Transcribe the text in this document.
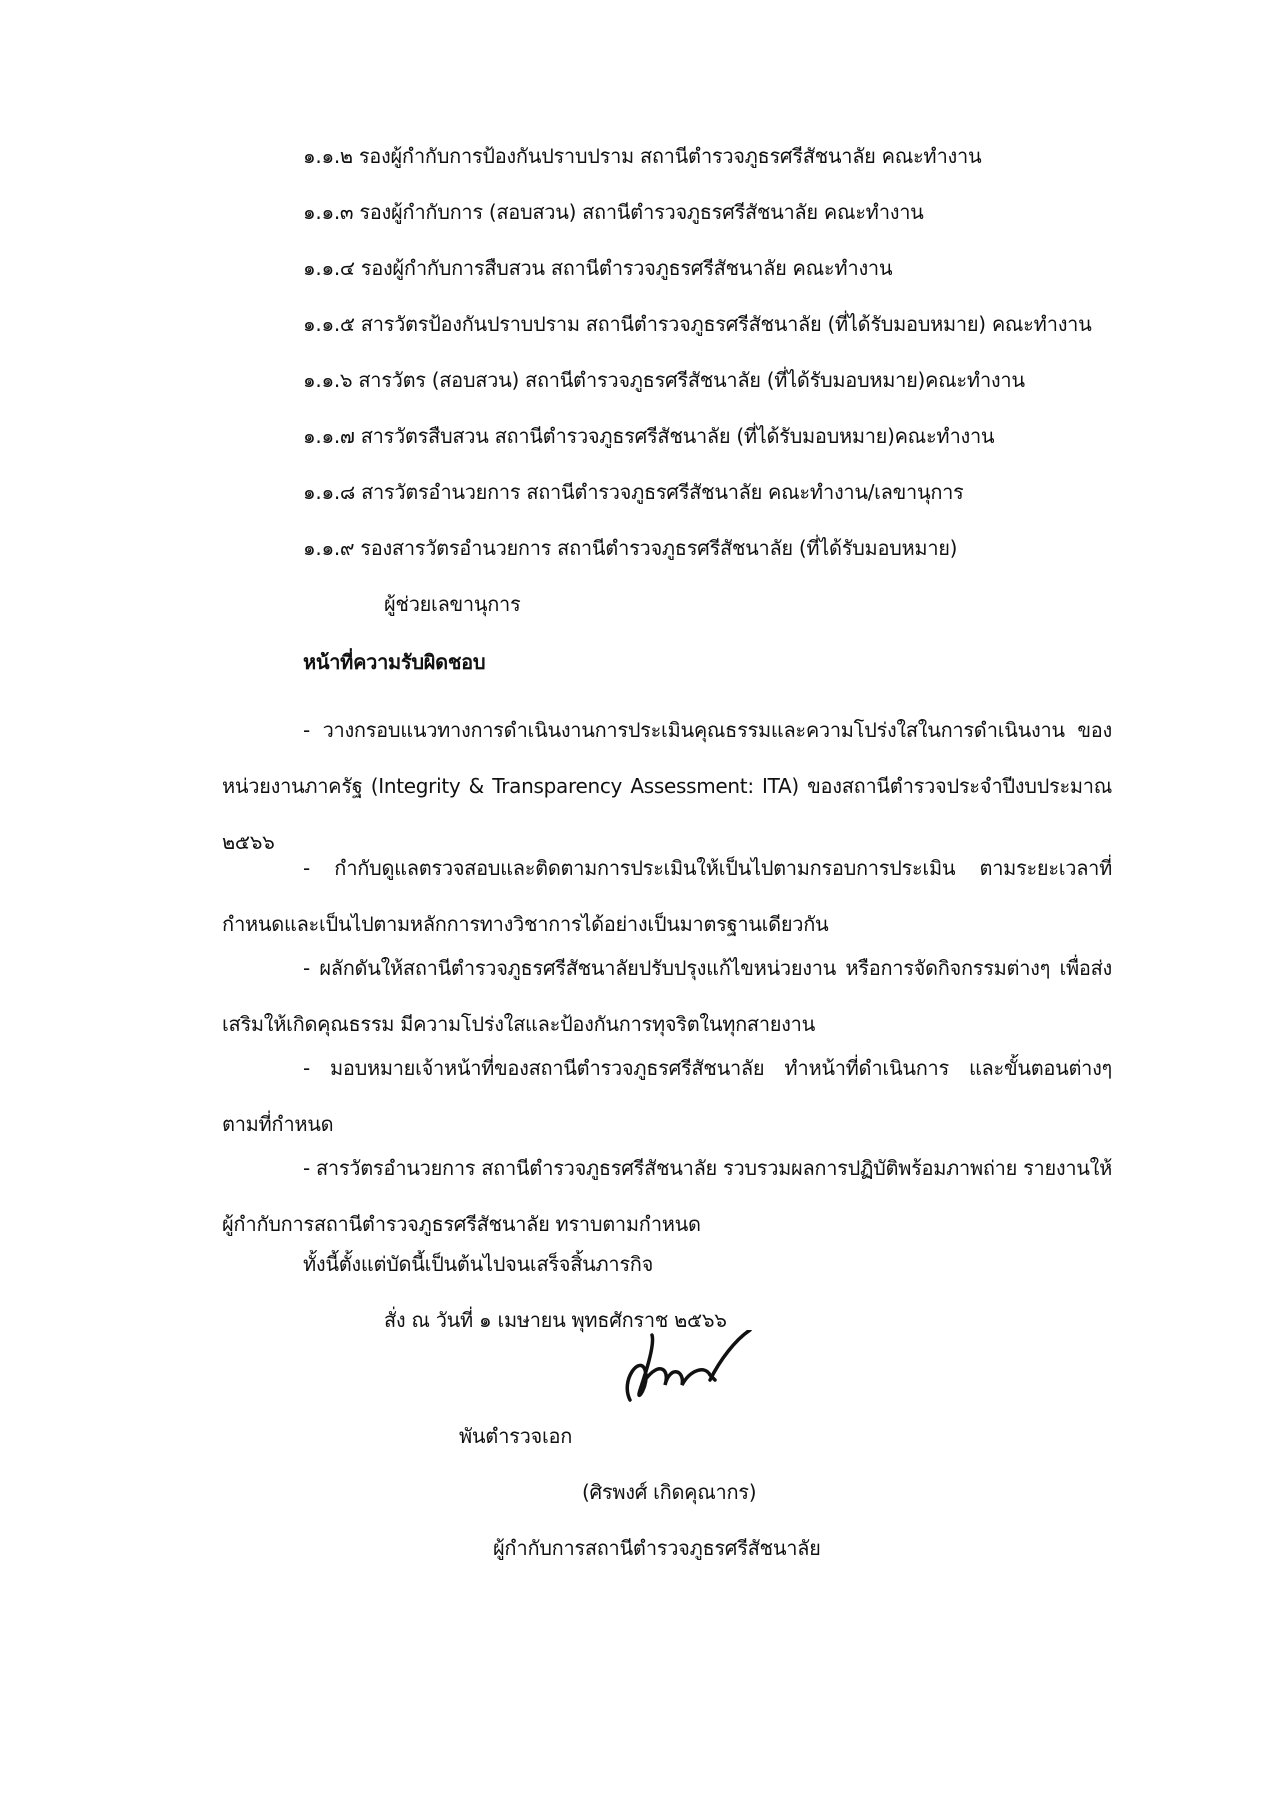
๑.๑.๒ รองผู้กำกับการป้องกันปราบปราม สถานีตำรวจภูธรศรีสัชนาลัย คณะทำงาน
๑.๑.๓ รองผู้กำกับการ (สอบสวน) สถานีตำรวจภูธรศรีสัชนาลัย คณะทำงาน
๑.๑.๔ รองผู้กำกับการสืบสวน สถานีตำรวจภูธรศรีสัชนาลัย คณะทำงาน
๑.๑.๕ สารวัตรป้องกันปราบปราม สถานีตำรวจภูธรศรีสัชนาลัย (ที่ได้รับมอบหมาย) คณะทำงาน
๑.๑.๖ สารวัตร (สอบสวน) สถานีตำรวจภูธรศรีสัชนาลัย (ที่ได้รับมอบหมาย)คณะทำงาน
๑.๑.๗ สารวัตรสืบสวน สถานีตำรวจภูธรศรีสัชนาลัย (ที่ได้รับมอบหมาย)คณะทำงาน
๑.๑.๘ สารวัตรอำนวยการ สถานีตำรวจภูธรศรีสัชนาลัย คณะทำงาน/เลขานุการ
๑.๑.๙ รองสารวัตรอำนวยการ สถานีตำรวจภูธรศรีสัชนาลัย (ที่ได้รับมอบหมาย)
ผู้ช่วยเลขานุการ
หน้าที่ความรับผิดชอบ
- วางกรอบแนวทางการดำเนินงานการประเมินคุณธรรมและความโปร่งใสในการดำเนินงาน ของ หน่วยงานภาครัฐ (Integrity & Transparency Assessment: ITA) ของสถานีตำรวจประจำปีงบประมาณ ๒๕๖๖
- กำกับดูแลตรวจสอบและติดตามการประเมินให้เป็นไปตามกรอบการประเมิน ตามระยะเวลาที่กำหนดและเป็นไปตามหลักการทางวิชาการได้อย่างเป็นมาตรฐานเดียวกัน
- ผลักดันให้สถานีตำรวจภูธรศรีสัชนาลัยปรับปรุงแก้ไขหน่วยงาน หรือการจัดกิจกรรมต่างๆ เพื่อส่งเสริมให้เกิดคุณธรรม มีความโปร่งใสและป้องกันการทุจริตในทุกสายงาน
- มอบหมายเจ้าหน้าที่ของสถานีตำรวจภูธรศรีสัชนาลัย ทำหน้าที่ดำเนินการ และขั้นตอนต่างๆ ตามที่กำหนด
- สารวัตรอำนวยการ สถานีตำรวจภูธรศรีสัชนาลัย รวบรวมผลการปฏิบัติพร้อมภาพถ่าย รายงานให้ผู้กำกับการสถานีตำรวจภูธรศรีสัชนาลัย ทราบตามกำหนด
ทั้งนี้ตั้งแต่บัดนี้เป็นต้นไปจนเสร็จสิ้นภารกิจ
สั่ง ณ วันที่ ๑ เมษายน พุทธศักราช ๒๕๖๖
พันตำรวจเอก
(ศิรพงศ์ เกิดคุณากร)
ผู้กำกับการสถานีตำรวจภูธรศรีสัชนาลัย
